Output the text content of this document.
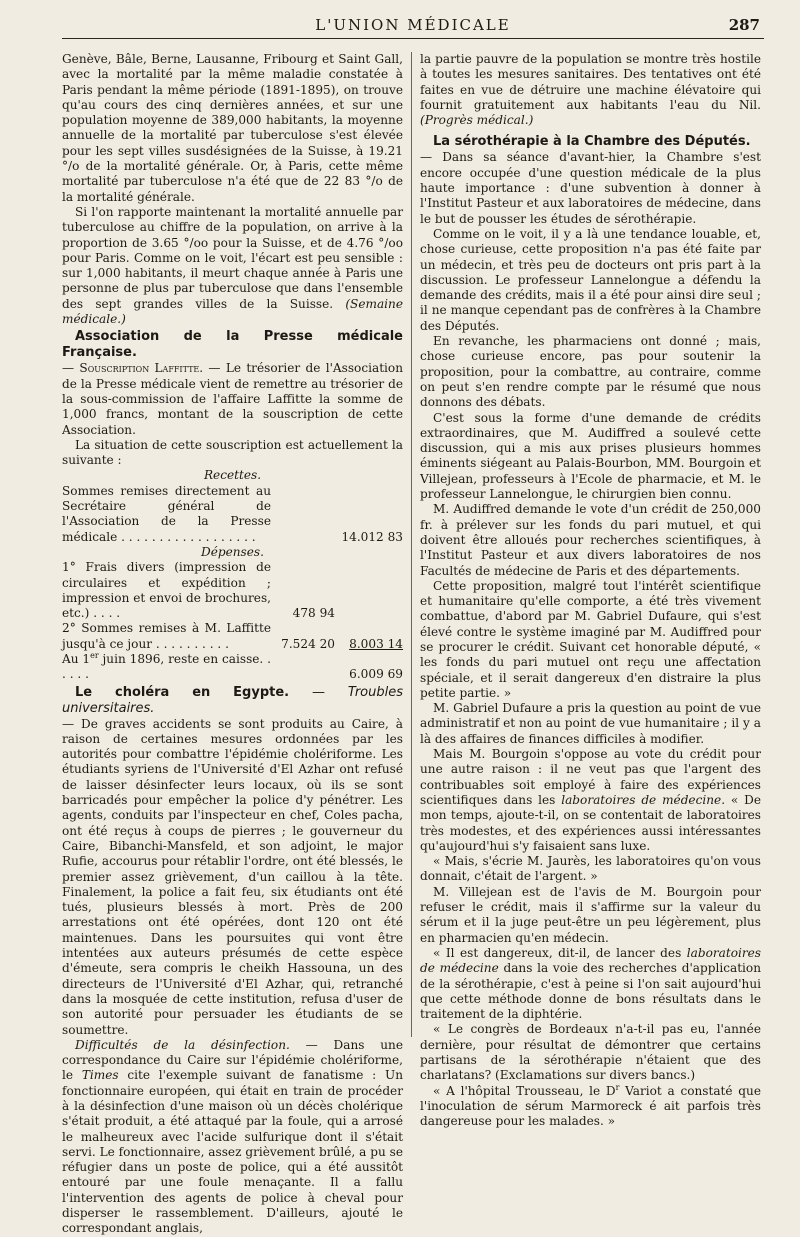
L'UNION MÉDICALE	287

Genève, Bâle, Berne, Lausanne, Fribourg et Saint Gall, avec la mortalité par la même maladie constatée à Paris pendant la même période (1891-1895), on trouve qu'au cours des cinq dernières années, et sur une population moyenne de 389,000 habitants, la moyenne annuelle de la mortalité par tuberculose s'est élevée pour les sept villes susdésignées de la Suisse, à 19.21 °/o de la mortalité générale. Or, à Paris, cette même mortalité par tuberculose n'a été que de 22 83 °/o de la mortalité générale.

Si l'on rapporte maintenant la mortalité annuelle par tuberculose au chiffre de la population, on arrive à la proportion de 3.65 °/oo pour la Suisse, et de 4.76 °/oo pour Paris. Comme on le voit, l'écart est peu sensible : sur 1,000 habitants, il meurt chaque année à Paris une personne de plus par tuberculose que dans l'ensemble des sept grandes villes de la Suisse. (Semaine médicale.)

Association de la Presse médicale Française.

— Souscription Laffitte. — Le trésorier de l'Association de la Presse médicale vient de remettre au trésorier de la sous-commission de l'affaire Laffitte la somme de 1,000 francs, montant de la souscription de cette Association.

La situation de cette souscription est actuellement la suivante :

Recettes.

Sommes remises directement au Secrétaire général de l'Association de la Presse médicale . . . . . . . . . . . . . . . . . .	14.012 83

Dépenses.

1° Frais divers (impression de circulaires et expédition ; impression et envoi de brochures, etc.) . . . .	478 94
2° Sommes remises à M. Laffitte jusqu'à ce jour . . . . . . . . . .	7.524 20	8.003 14
Au 1er juin 1896, reste en caisse. . . . . .	6.009 69
Le choléra en Egypte. — Troubles universitaires.

— De graves accidents se sont produits au Caire, à raison de certaines mesures ordonnées par les autorités pour combattre l'épidémie cholériforme. Les étudiants syriens de l'Université d'El Azhar ont refusé de laisser désinfecter leurs locaux, où ils se sont barricadés pour empêcher la police d'y pénétrer. Les agents, conduits par l'inspecteur en chef, Coles pacha, ont été reçus à coups de pierres ; le gouverneur du Caire, Bibanchi-Mansfeld, et son adjoint, le major Rufie, accourus pour rétablir l'ordre, ont été blessés, le premier assez grièvement, d'un caillou à la tête. Finalement, la police a fait feu, six étudiants ont été tués, plusieurs blessés à mort. Près de 200 arrestations ont été opérées, dont 120 ont été maintenues. Dans les poursuites qui vont être intentées aux auteurs présumés de cette espèce d'émeute, sera compris le cheikh Hassouna, un des directeurs de l'Université d'El Azhar, qui, retranché dans la mosquée de cette institution, refusa d'user de son autorité pour persuader les étudiants de se soumettre.

Difficultés de la désinfection. — Dans une correspondance du Caire sur l'épidémie cholériforme, le Times cite l'exemple suivant de fanatisme : Un fonctionnaire européen, qui était en train de procéder à la désinfection d'une maison où un décès cholérique s'était produit, a été attaqué par la foule, qui a arrosé le malheureux avec l'acide sulfurique dont il s'était servi. Le fonctionnaire, assez grièvement brûlé, a pu se réfugier dans un poste de police, qui a été aussitôt entouré par une foule menaçante. Il a fallu l'intervention des agents de police à cheval pour disperser le rassemblement. D'ailleurs, ajouté le correspondant anglais,

la partie pauvre de la population se montre très hostile à toutes les mesures sanitaires. Des tentatives ont été faites en vue de détruire une machine élévatoire qui fournit gratuitement aux habitants l'eau du Nil. (Progrès médical.)

La sérothérapie à la Chambre des Députés.

— Dans sa séance d'avant-hier, la Chambre s'est encore occupée d'une question médicale de la plus haute importance : d'une subvention à donner à l'Institut Pasteur et aux laboratoires de médecine, dans le but de pousser les études de sérothérapie.

Comme on le voit, il y a là une tendance louable, et, chose curieuse, cette proposition n'a pas été faite par un médecin, et très peu de docteurs ont pris part à la discussion. Le professeur Lannelongue a défendu la demande des crédits, mais il a été pour ainsi dire seul ; il ne manque cependant pas de confrères à la Chambre des Députés.

En revanche, les pharmaciens ont donné ; mais, chose curieuse encore, pas pour soutenir la proposition, pour la combattre, au contraire, comme on peut s'en rendre compte par le résumé que nous donnons des débats.

C'est sous la forme d'une demande de crédits extraordinaires, que M. Audiffred a soulevé cette discussion, qui a mis aux prises plusieurs hommes éminents siégeant au Palais-Bourbon, MM. Bourgoin et Villejean, professeurs à l'Ecole de pharmacie, et M. le professeur Lannelongue, le chirurgien bien connu.

M. Audiffred demande le vote d'un crédit de 250,000 fr. à prélever sur les fonds du pari mutuel, et qui doivent être alloués pour recherches scientifiques, à l'Institut Pasteur et aux divers laboratoires de nos Facultés de médecine de Paris et des départements.

Cette proposition, malgré tout l'intérêt scientifique et humanitaire qu'elle comporte, a été très vivement combattue, d'abord par M. Gabriel Dufaure, qui s'est élevé contre le système imaginé par M. Audiffred pour se procurer le crédit. Suivant cet honorable député, « les fonds du pari mutuel ont reçu une affectation spéciale, et il serait dangereux d'en distraire la plus petite partie. »

M. Gabriel Dufaure a pris la question au point de vue administratif et non au point de vue humanitaire ; il y a là des affaires de finances difficiles à modifier.

Mais M. Bourgoin s'oppose au vote du crédit pour une autre raison : il ne veut pas que l'argent des contribuables soit employé à faire des expériences scientifiques dans les laboratoires de médecine. « De mon temps, ajoute-t-il, on se contentait de laboratoires très modestes, et des expériences aussi intéressantes qu'aujourd'hui s'y faisaient sans luxe.

« Mais, s'écrie M. Jaurès, les laboratoires qu'on vous donnait, c'était de l'argent. »

M. Villejean est de l'avis de M. Bourgoin pour refuser le crédit, mais il s'affirme sur la valeur du sérum et il la juge peut-être un peu légèrement, plus en pharmacien qu'en médecin.

« Il est dangereux, dit-il, de lancer des laboratoires de médecine dans la voie des recherches d'application de la sérothérapie, c'est à peine si l'on sait aujourd'hui que cette méthode donne de bons résultats dans le traitement de la diphtérie.

« Le congrès de Bordeaux n'a-t-il pas eu, l'année dernière, pour résultat de démontrer que certains partisans de la sérothérapie n'étaient que des charlatans? (Exclamations sur divers bancs.)

« A l'hôpital Trousseau, le $D^r$ Variot a constaté que l'inoculation de sérum Marmoreck é ait parfois très dangereuse pour les malades. »
